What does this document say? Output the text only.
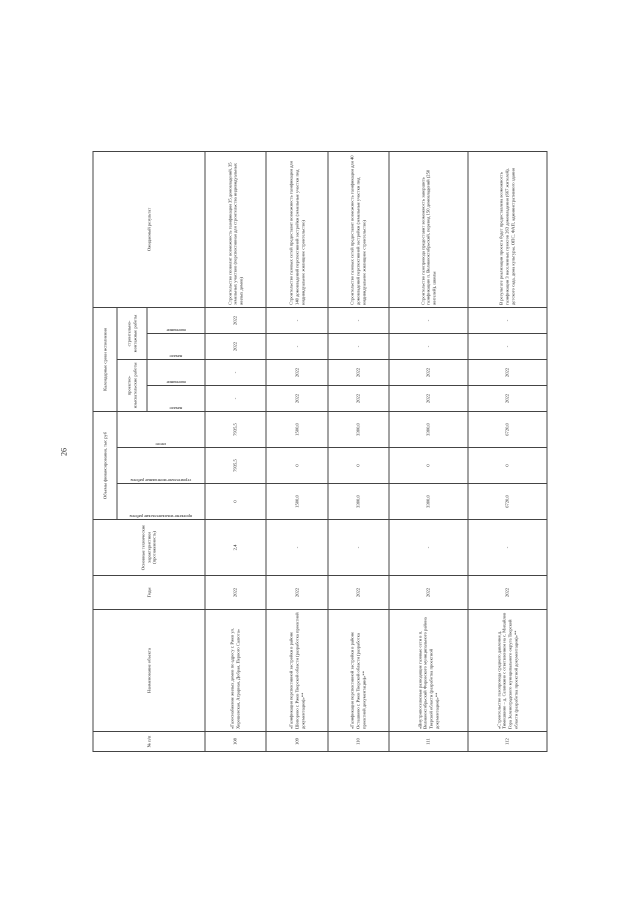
26
№ п/п	Наименование объекта	Годы	Основные технические характеристики (протяженность)	Объемы финансирования, тыс руб			Календарные сроки исполнения				Ожидаемый результат

				проектно-изыскательские работы	строительно-монтажные работы	итого	проектно-изыскательские работы		строительно-монтажные работы		

							начало	окончание	начало	окончание	

108	«Газоснабжение жилых домов по адресу г. Ржев ул. Хорошевская, Аграрная, Добрая, Первого Салюта»	2022	2,4	0	7935,5	7935,5	-	-	2022	2022	Строительство позволит возможность газификации 35 домовладений, 35 земельных участков (перспективная для строительства индивидуальных жилых домов)
109	«Газификация перспективной застройки в районе Шопорово г. Ржев Тверской области (разработка проектной документации)»**	2022	-	1500,0	0	1500,0	2022	2022	-	-	Строительство газовых сетей предоставит возможность газификации для 140 домовладений перспективной застройки (земельные участки под индивидуальное жилищное строительство)
110	«Газификация перспективной застройки в районе Осташково г. Ржев Тверской области (разработка проектной документации)»**	2022	-	3300,0	0	3300,0	2022	2022	-	-	Строительство газовых сетей предоставит возможность газификации для 40 домовладений перспективной застройки (земельные участки под индивидуальное жилищное строительство)
111	«Внутрипоселковые разводящие газовые сети в п. Великооктябрьский Фировского муниципального района Тверской области (разработка проектной документации)»**	2022	-	3300,0	0	3300,0	2022	2022	-	-	Строительство газопровода предоставит возможность завершить газификацию п. Великооктябрьский, перевод 150 домовладений (250 жителей), школы
112	«Строительство газопровода среднего давления д. Тимошкино – д. Селянкино с ответвлением на с. Михайлов Гора Зеленоградского муниципального округа Тверской области (разработка проектной документации)»**	2022	-	6720,0	0	6720,0	2022	2022	-	-	В результате реализации проекта будет предоставлена возможность газификации 3 населенных пунктов 263 домовладения (667 жителей), детского сада, дома культуры, ОПС, ФАП, административного здания
